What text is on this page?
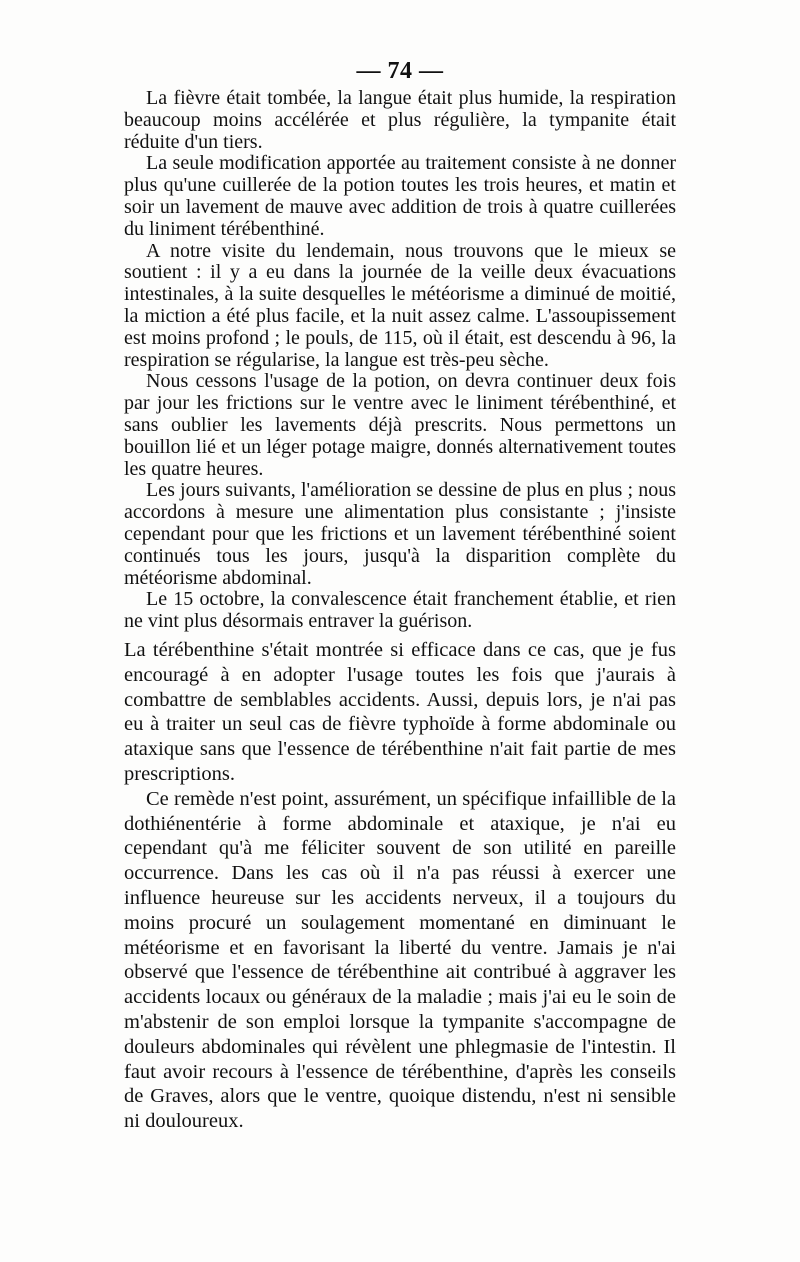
— 74 —

La fièvre était tombée, la langue était plus humide, la respiration beaucoup moins accélérée et plus régulière, la tympanite était réduite d'un tiers.

La seule modification apportée au traitement consiste à ne donner plus qu'une cuillerée de la potion toutes les trois heures, et matin et soir un lavement de mauve avec addition de trois à quatre cuillerées du liniment térébenthiné.

A notre visite du lendemain, nous trouvons que le mieux se soutient : il y a eu dans la journée de la veille deux évacuations intestinales, à la suite desquelles le météorisme a diminué de moitié, la miction a été plus facile, et la nuit assez calme. L'assoupissement est moins profond ; le pouls, de 115, où il était, est descendu à 96, la respiration se régularise, la langue est très-peu sèche.

Nous cessons l'usage de la potion, on devra continuer deux fois par jour les frictions sur le ventre avec le liniment térébenthiné, et sans oublier les lavements déjà prescrits. Nous permettons un bouillon lié et un léger potage maigre, donnés alternativement toutes les quatre heures.

Les jours suivants, l'amélioration se dessine de plus en plus ; nous accordons à mesure une alimentation plus consistante ; j'insiste cependant pour que les frictions et un lavement térébenthiné soient continués tous les jours, jusqu'à la disparition complète du météorisme abdominal.

Le 15 octobre, la convalescence était franchement établie, et rien ne vint plus désormais entraver la guérison.

La térébenthine s'était montrée si efficace dans ce cas, que je fus encouragé à en adopter l'usage toutes les fois que j'aurais à combattre de semblables accidents. Aussi, depuis lors, je n'ai pas eu à traiter un seul cas de fièvre typhoïde à forme abdominale ou ataxique sans que l'essence de térébenthine n'ait fait partie de mes prescriptions.

Ce remède n'est point, assurément, un spécifique infaillible de la dothiénentérie à forme abdominale et ataxique, je n'ai eu cependant qu'à me féliciter souvent de son utilité en pareille occurrence. Dans les cas où il n'a pas réussi à exercer une influence heureuse sur les accidents nerveux, il a toujours du moins procuré un soulagement momentané en diminuant le météorisme et en favorisant la liberté du ventre. Jamais je n'ai observé que l'essence de térébenthine ait contribué à aggraver les accidents locaux ou généraux de la maladie ; mais j'ai eu le soin de m'abstenir de son emploi lorsque la tympanite s'accompagne de douleurs abdominales qui révèlent une phlegmasie de l'intestin. Il faut avoir recours à l'essence de térébenthine, d'après les conseils de Graves, alors que le ventre, quoique distendu, n'est ni sensible ni douloureux.
